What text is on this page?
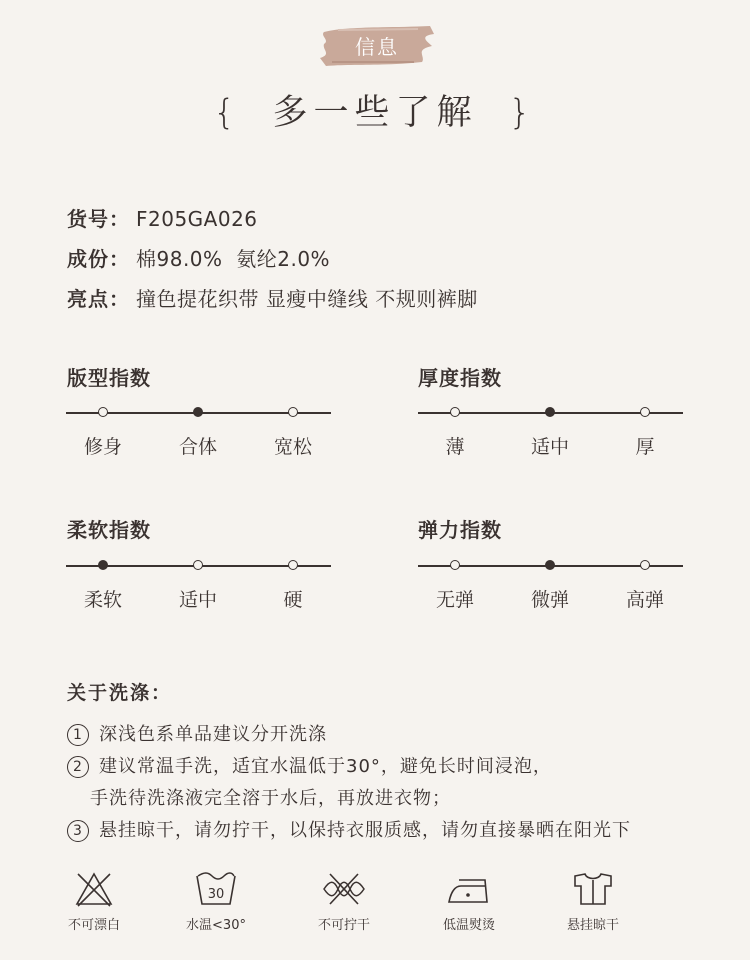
信息
{ 多一些了解 }
货号： F205GA026
成份： 棉98.0%  氨纶2.0%
亮点： 撞色提花织带 显瘦中缝线 不规则裤脚
版型指数
修身	合体	宽松
厚度指数
薄	适中	厚
柔软指数
柔软	适中	硬
弹力指数
无弹	微弹	高弹
关于洗涤：
1 深浅色系单品建议分开洗涤
2 建议常温手洗，适宜水温低于30°，避免长时间浸泡，
手洗待洗涤液完全溶于水后，再放进衣物；
3 悬挂晾干，请勿拧干，以保持衣服质感，请勿直接暴晒在阳光下
不可漂白
30
水温<30°	不可拧干	低温熨烫	悬挂晾干
